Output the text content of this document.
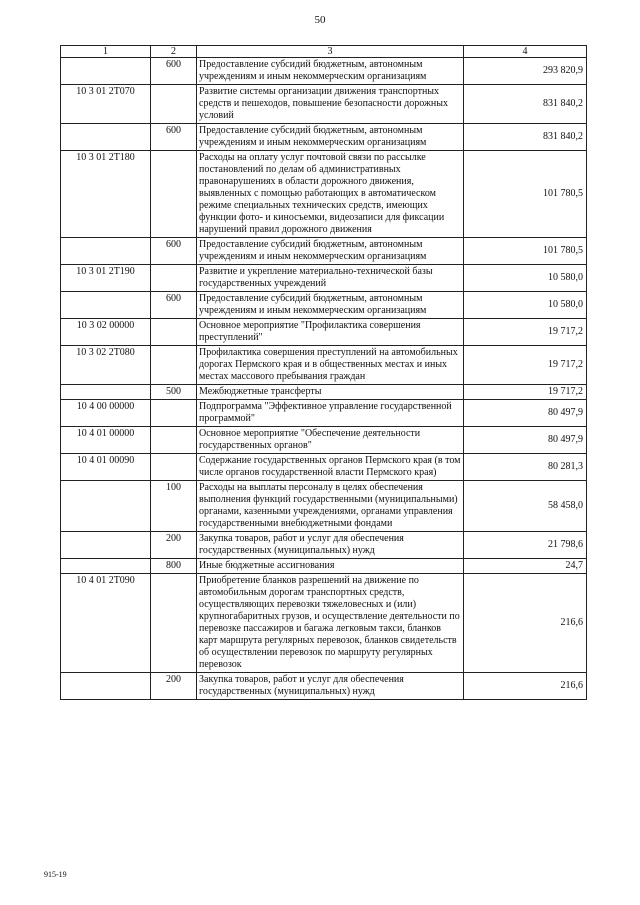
50
1	2	3	4
	600	Предоставление субсидий бюджетным, автономным учреждениям и иным некоммерческим организациям	293 820,9
10 3 01 2Т070		Развитие системы организации движения транспортных средств и пешеходов, повышение безопасности дорожных условий	831 840,2
	600	Предоставление субсидий бюджетным, автономным учреждениям и иным некоммерческим организациям	831 840,2
10 3 01 2Т180		Расходы на оплату услуг почтовой связи по рассылке постановлений по делам об административных правонарушениях в области дорожного движения, выявленных с помощью работающих в автоматическом режиме специальных технических средств, имеющих функции фото- и киносъемки, видеозаписи для фиксации нарушений правил дорожного движения	101 780,5
	600	Предоставление субсидий бюджетным, автономным учреждениям и иным некоммерческим организациям	101 780,5
10 3 01 2Т190		Развитие и укрепление материально-технической базы государственных учреждений	10 580,0
	600	Предоставление субсидий бюджетным, автономным учреждениям и иным некоммерческим организациям	10 580,0
10 3 02 00000		Основное мероприятие "Профилактика совершения преступлений"	19 717,2
10 3 02 2Т080		Профилактика совершения преступлений на автомобильных дорогах Пермского края и в общественных местах и иных местах массового пребывания граждан	19 717,2
	500	Межбюджетные трансферты	19 717,2
10 4 00 00000		Подпрограмма "Эффективное управление государственной программой"	80 497,9
10 4 01 00000		Основное мероприятие "Обеспечение деятельности государственных органов"	80 497,9
10 4 01 00090		Содержание государственных органов Пермского края (в том числе органов государственной власти Пермского края)	80 281,3
	100	Расходы на выплаты персоналу в целях обеспечения выполнения функций государственными (муниципальными) органами, казенными учреждениями, органами управления государственными внебюджетными фондами	58 458,0
	200	Закупка товаров, работ и услуг для обеспечения государственных (муниципальных) нужд	21 798,6
	800	Иные бюджетные ассигнования	24,7
10 4 01 2Т090		Приобретение бланков разрешений на движение по автомобильным дорогам транспортных средств, осуществляющих перевозки тяжеловесных и (или) крупногабаритных грузов, и осуществление деятельности по перевозке пассажиров и багажа легковым такси, бланков карт маршрута регулярных перевозок, бланков свидетельств об осуществлении перевозок по маршруту регулярных перевозок	216,6
	200	Закупка товаров, работ и услуг для обеспечения государственных (муниципальных) нужд	216,6
915-19
